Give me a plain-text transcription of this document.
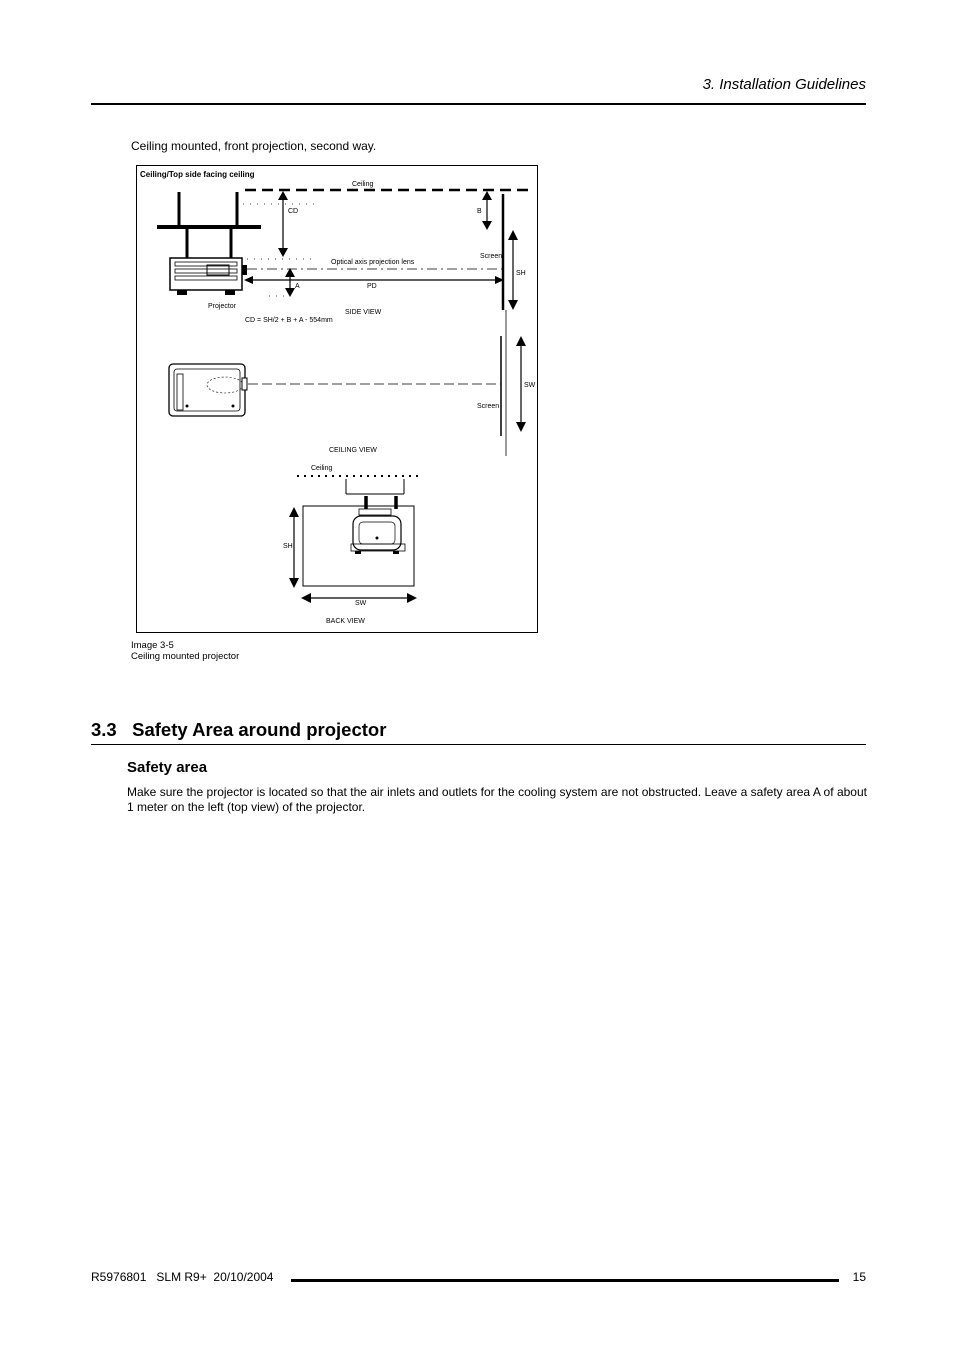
3. Installation Guidelines
Ceiling mounted, front projection, second way.
Ceiling/Top side facing ceiling
Ceiling
Projector
CD	B
Optical axis projection lens
A	PD
Screen
SH
SIDE VIEW
CD = SH/2 + B + A - 554mm
SW
Screen
CEILING VIEW
Ceiling
SH
SW
BACK VIEW
Image 3-5
Ceiling mounted projector
3.3   Safety Area around projector
Safety area
Make sure the projector is located so that the air inlets and outlets for the cooling system are not obstructed. Leave a safety area A of about 1 meter on the left (top view) of the projector.
R5976801   SLM R9+  20/10/2004	15
